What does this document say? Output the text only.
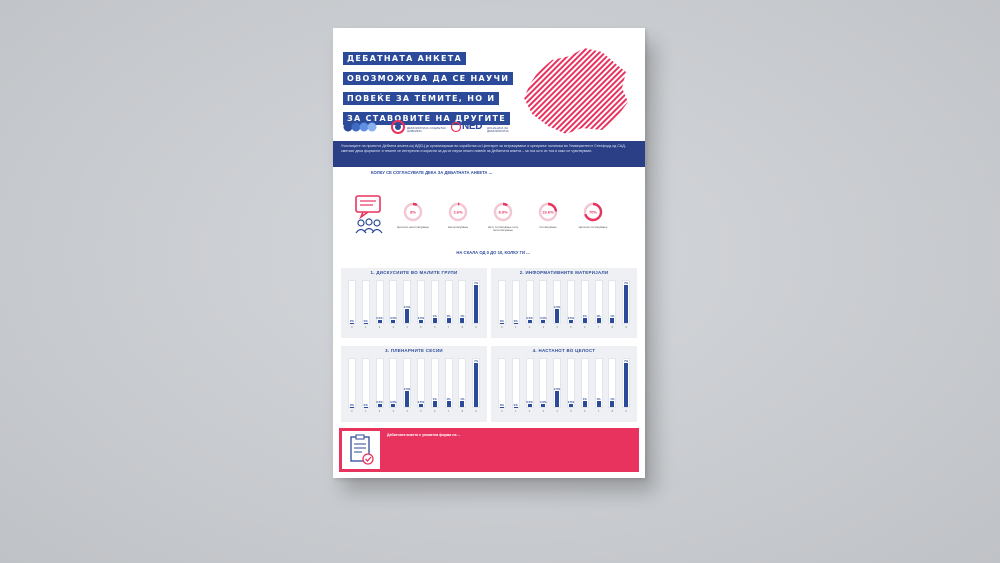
ДЕБАТНАТА АНКЕТА
ОВОЗМОЖУВА ДА СЕ НАУЧИ
ПОВЕЌЕ ЗА ТЕМИТЕ, НО И
ЗА СТАВОВИТЕ НА ДРУГИТЕ
ИНСТИТУТ ЗА ДЕМОКРАТИЈА СОЦИЕТАС ЦИВИЛИС	NED НАЦИОНАЛНА ДОНАЦИЈА ЗА ДЕМОКРАТИЈА
Учесниците на проектот Дебатна анкета кој ИДСЦ ја организираше во соработка со Центарот за истражување и креирање политики во Универзитетот Стенфорд од САД, сметаат дека форматот и темите се интересни и корисни за да се научи нешто повеќе за Дебатната анкета – за тоа што се тоа и како се чувствуваат.
КОЛКУ СЕ СОГЛАСУВАТЕ ДЕКА ЗА ДЕБАТНАТА АНКЕТА ...
8%
Целосно несогласување
2.6%
Несогласување
8.9%
Ниту согласување ниту несогласување
23.6%
Согласување
70%
Целосно согласување
НА СКАЛА ОД 0 ДО 10, КОЛКУ ГИ ...
1. ДИСКУСИИТЕ ВО МАЛИТЕ ГРУПИ
0%
0
0%
1
0.5%
2
0.5%
3
2.5%
4
0.5%
5
1%
6
1%
7
1%
8
7%
9
2. ИНФОРМАТИВНИТЕ МАТЕРИЈАЛИ
0%
0
0%
1
0.5%
2
0.5%
3
2.5%
4
0.5%
5
1%
6
1%
7
1%
8
7%
9
3. ПЛЕНАРНИТЕ СЕСИИ
0%
0
0%
1
0.5%
2
0.5%
3
2.5%
4
0.5%
5
1%
6
1%
7
1%
8
7%
9
4. НАСТАНОТ ВО ЦЕЛОСТ
0%
0
0%
1
0.5%
2
0.5%
3
2.5%
4
0.5%
5
1%
6
1%
7
1%
8
7%
9
Дебатната анкета е уникатна форма на ...
